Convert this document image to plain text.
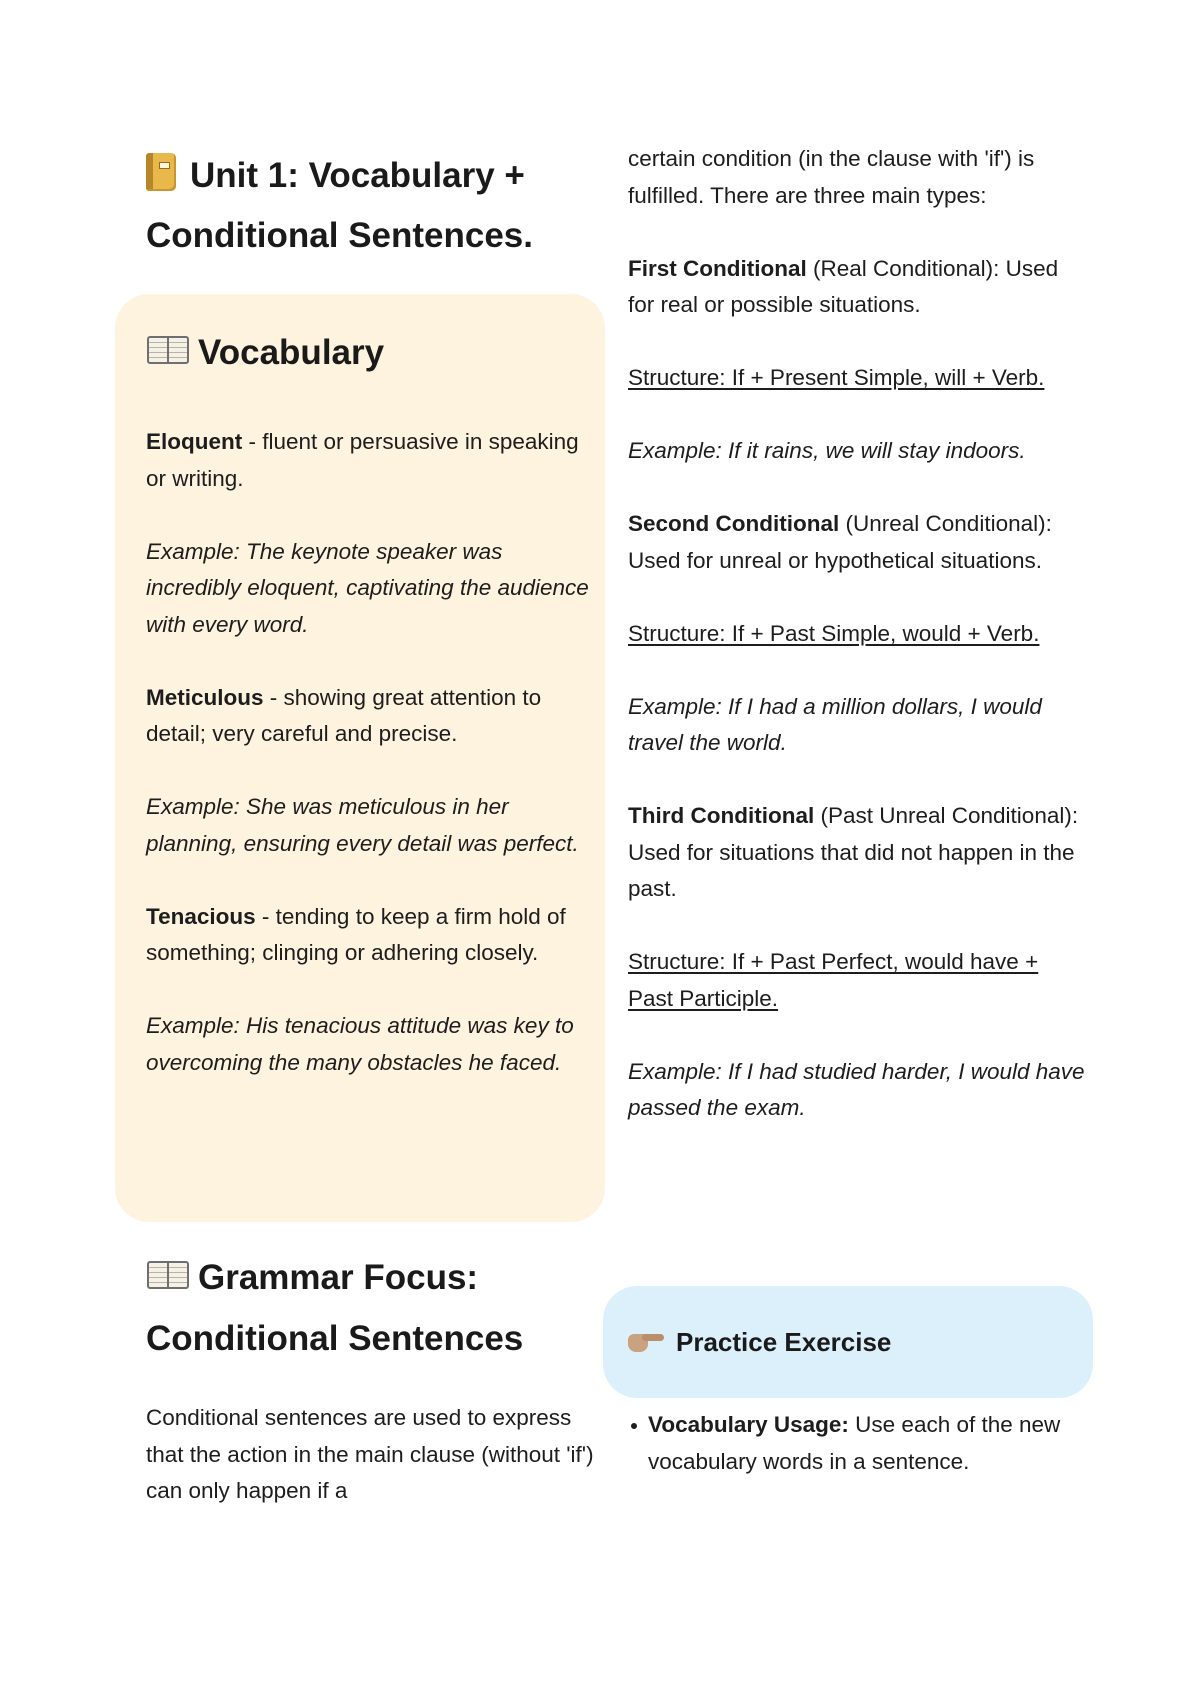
Unit 1: Vocabulary + Conditional Sentences.
Vocabulary

Eloquent - fluent or persuasive in speaking or writing.

Example: The keynote speaker was incredibly eloquent, captivating the audience with every word.

Meticulous - showing great attention to detail; very careful and precise.

Example: She was meticulous in her planning, ensuring every detail was perfect.

Tenacious - tending to keep a firm hold of something; clinging or adhering closely.

Example: His tenacious attitude was key to overcoming the many obstacles he faced.

Grammar Focus: Conditional Sentences

Conditional sentences are used to express that the action in the main clause (without 'if') can only happen if a

certain condition (in the clause with 'if') is fulfilled. There are three main types:

First Conditional (Real Conditional): Used for real or possible situations.

Structure: If + Present Simple, will + Verb.

Example: If it rains, we will stay indoors.

Second Conditional (Unreal Conditional): Used for unreal or hypothetical situations.

Structure: If + Past Simple, would + Verb.

Example: If I had a million dollars, I would travel the world.

Third Conditional (Past Unreal Conditional): Used for situations that did not happen in the past.

Structure: If + Past Perfect, would have + Past Participle.

Example: If I had studied harder, I would have passed the exam.

Practice Exercise
Vocabulary Usage: Use each of the new vocabulary words in a sentence.
